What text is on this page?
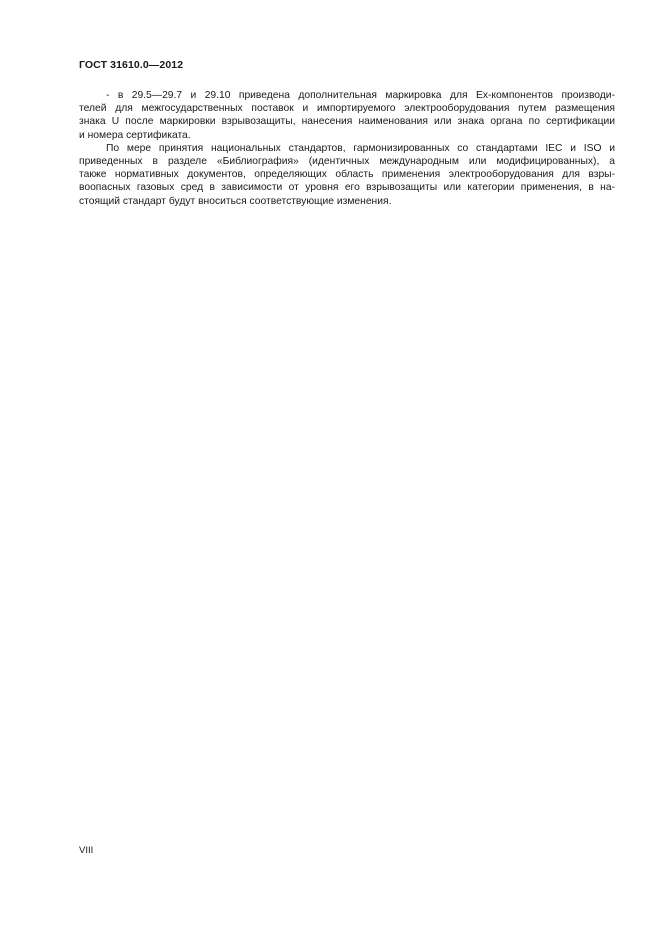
ГОСТ 31610.0—2012
- в 29.5—29.7 и 29.10 приведена дополнительная маркировка для Ex-компонентов производи-
телей для межгосударственных поставок и импортируемого электрооборудования путем размещения
знака U после маркировки взрывозащиты, нанесения наименования или знака органа по сертификации
и номера сертификата.
По мере принятия национальных стандартов, гармонизированных со стандартами IEC и ISO и
приведенных в разделе «Библиография» (идентичных международным или модифицированных), а
также нормативных документов, определяющих область применения электрооборудования для взры-
воопасных газовых сред в зависимости от уровня его взрывозащиты или категории применения, в на-
стоящий стандарт будут вноситься соответствующие изменения.
VIII
